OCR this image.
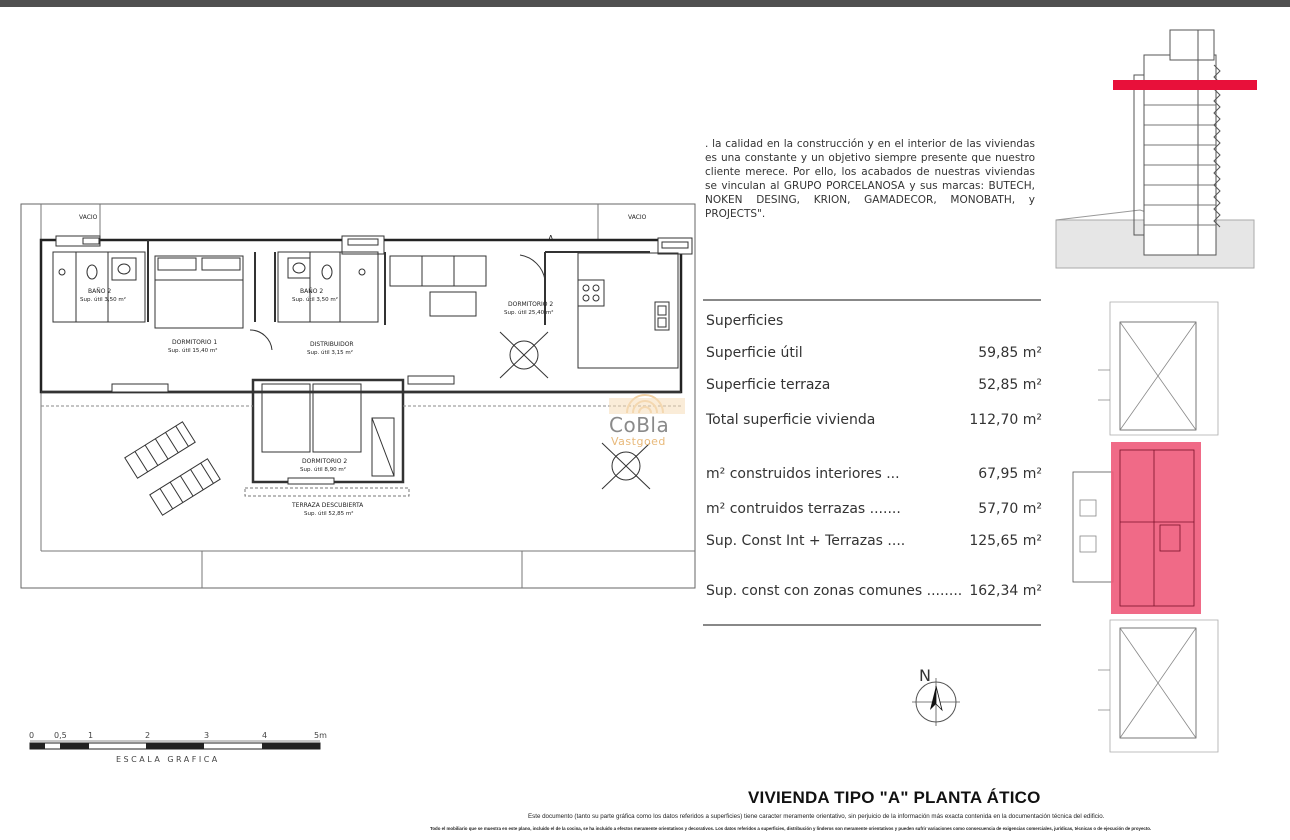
VACIO	VACIO
A
BAÑO 2
Sup. útil 3,50 m²
BAÑO 2
Sup. útil 3,50 m²
DORMITORIO 1
Sup. útil 15,40 m²
DISTRIBUIDOR
Sup. útil 3,15 m²
DORMITORIO 2
Sup. útil 25,40 m²
DORMITORIO 2
Sup. útil 8,90 m²
TERRAZA DESCUBIERTA
Sup. útil 52,85 m²
CoBla
Vastgoed
0 0,5	1	2	3	4	5m
ESCALA GRAFICA
. la calidad en la construcción y en el interior de las viviendas es una constante y un objetivo siempre presente que nuestro cliente merece. Por ello, los acabados de nuestras viviendas se vinculan al GRUPO PORCELANOSA y sus marcas: BUTECH, NOKEN DESING, KRION, GAMADECOR, MONOBATH, y PROJECTS".
Superficies
Superficie útil	59,85 m²
Superficie terraza	52,85 m²
Total superficie vivienda	112,70 m²
m² construidos interiores ...	67,95 m²
m² contruidos terrazas .......	57,70 m²
Sup. Const Int + Terrazas ....	125,65 m²
Sup. const con zonas comunes ........ 162,34 m²
N
VIVIENDA TIPO "A" PLANTA ÁTICO
Este documento (tanto su parte gráfica como los datos referidos a superficies) tiene caracter meramente orientativo, sin perjuicio de la información más exacta contenida en la documentación técnica del edificio.
Todo el mobiliario que se muestra en este plano, incluido el de la cocina, se ha incluido a efectos meramente orientativos y decorativos. Los datos referidos a superficies, distribución y linderos son meramente orientativos y pueden sufrir variaciones como consecuencia de exigencias comerciales, jurídicas, técnicas o de ejecución de proyecto.
